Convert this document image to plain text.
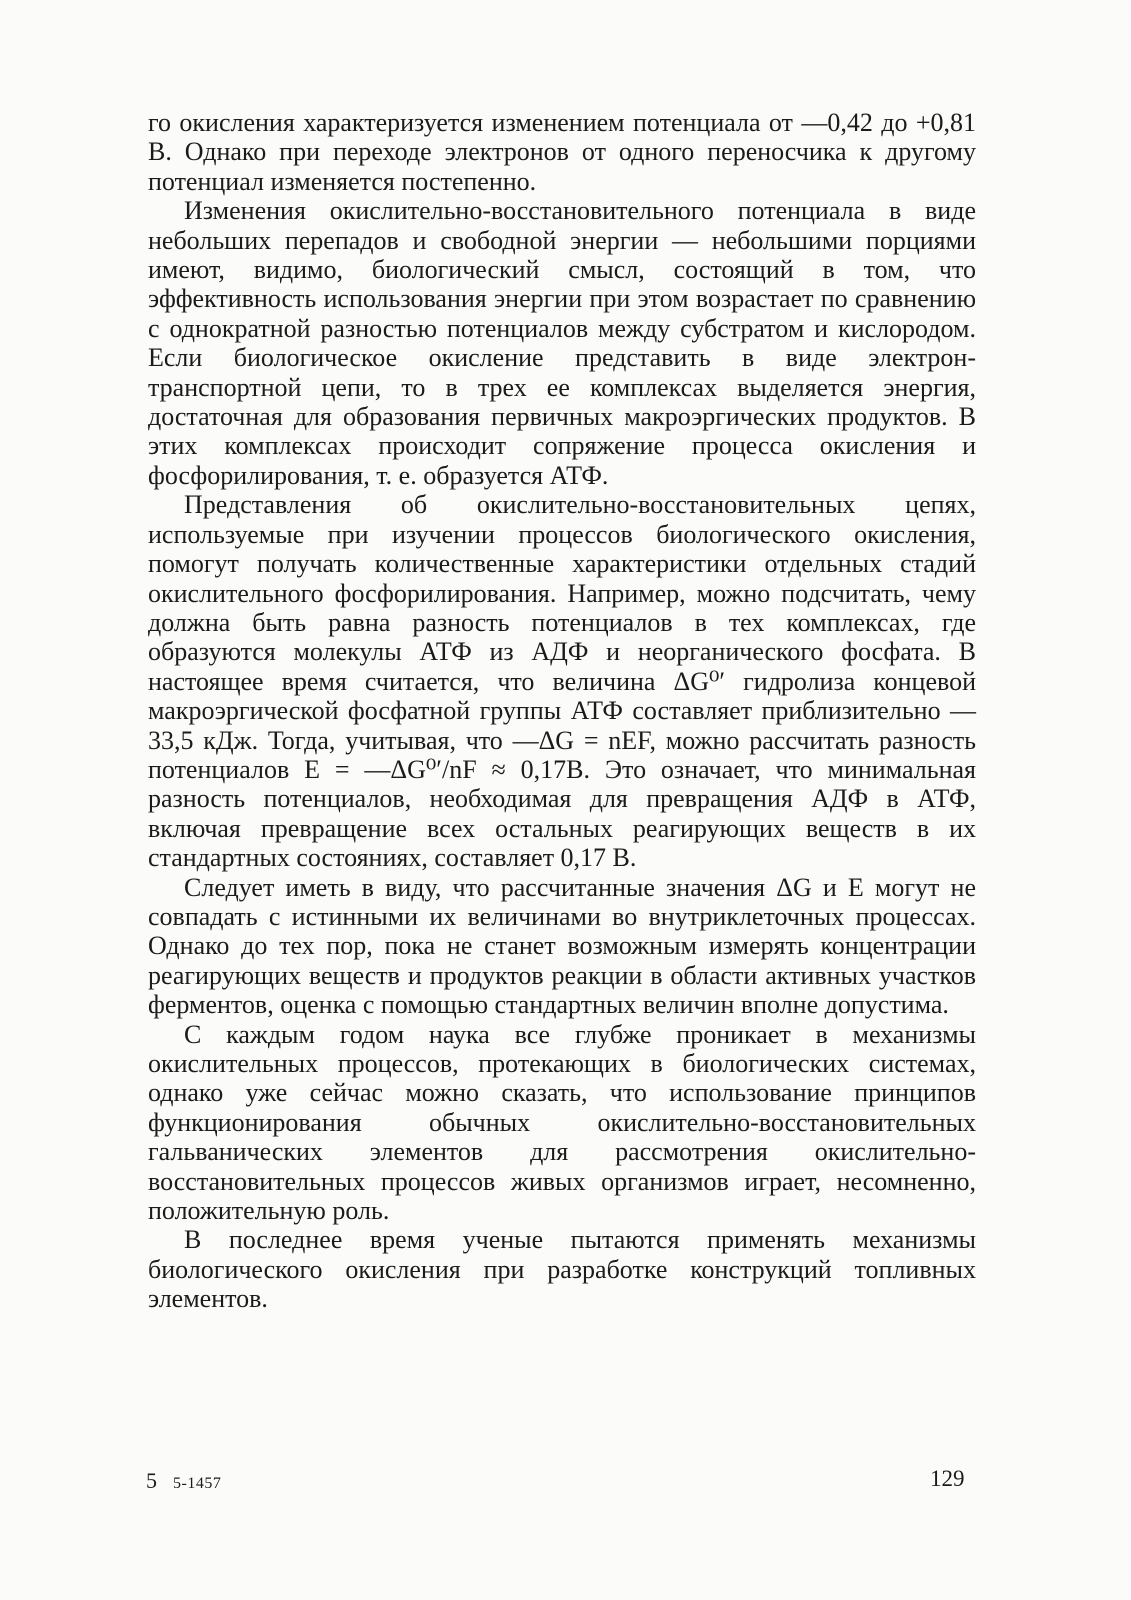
го окисления характеризуется изменением потенциала от —0,42 до +0,81 В. Однако при переходе электронов от одного переносчика к другому потенциал изменяется постепенно.

Изменения окислительно-восстановительного потенциала в виде небольших перепадов и свободной энергии — небольшими порциями имеют, видимо, биологический смысл, состоящий в том, что эффективность использования энергии при этом возрастает по сравнению с однократной разностью потенциалов между субстратом и кислородом. Если биологическое окисление представить в виде электрон-транспортной цепи, то в трех ее комплексах выделяется энергия, достаточная для образования первичных макроэргических продуктов. В этих комплексах происходит сопряжение процесса окисления и фосфорилирования, т. е. образуется АТФ.

Представления об окислительно-восстановительных цепях, используемые при изучении процессов биологического окисления, помогут получать количественные характеристики отдельных стадий окислительного фосфорилирования. Например, можно подсчитать, чему должна быть равна разность потенциалов в тех комплексах, где образуются молекулы АТФ из АДФ и неорганического фосфата. В настоящее время считается, что величина ΔG⁰′ гидролиза концевой макроэргической фосфатной группы АТФ составляет приблизительно —33,5 кДж. Тогда, учитывая, что —ΔG = nEF, можно рассчитать разность потенциалов E = —ΔG⁰′/nF ≈ 0,17В. Это означает, что минимальная разность потенциалов, необходимая для превращения АДФ в АТФ, включая превращение всех остальных реагирующих веществ в их стандартных состояниях, составляет 0,17 В.

Следует иметь в виду, что рассчитанные значения ΔG и E могут не совпадать с истинными их величинами во внутриклеточных процессах. Однако до тех пор, пока не станет возможным измерять концентрации реагирующих веществ и продуктов реакции в области активных участков ферментов, оценка с помощью стандартных величин вполне допустима.

С каждым годом наука все глубже проникает в механизмы окислительных процессов, протекающих в биологических системах, однако уже сейчас можно сказать, что использование принципов функционирования обычных окислительно-восстановительных гальванических элементов для рассмотрения окислительно-восстановительных процессов живых организмов играет, несомненно, положительную роль.

В последнее время ученые пытаются применять механизмы биологического окисления при разработке конструкций топливных элементов.

5 5-1457	129
